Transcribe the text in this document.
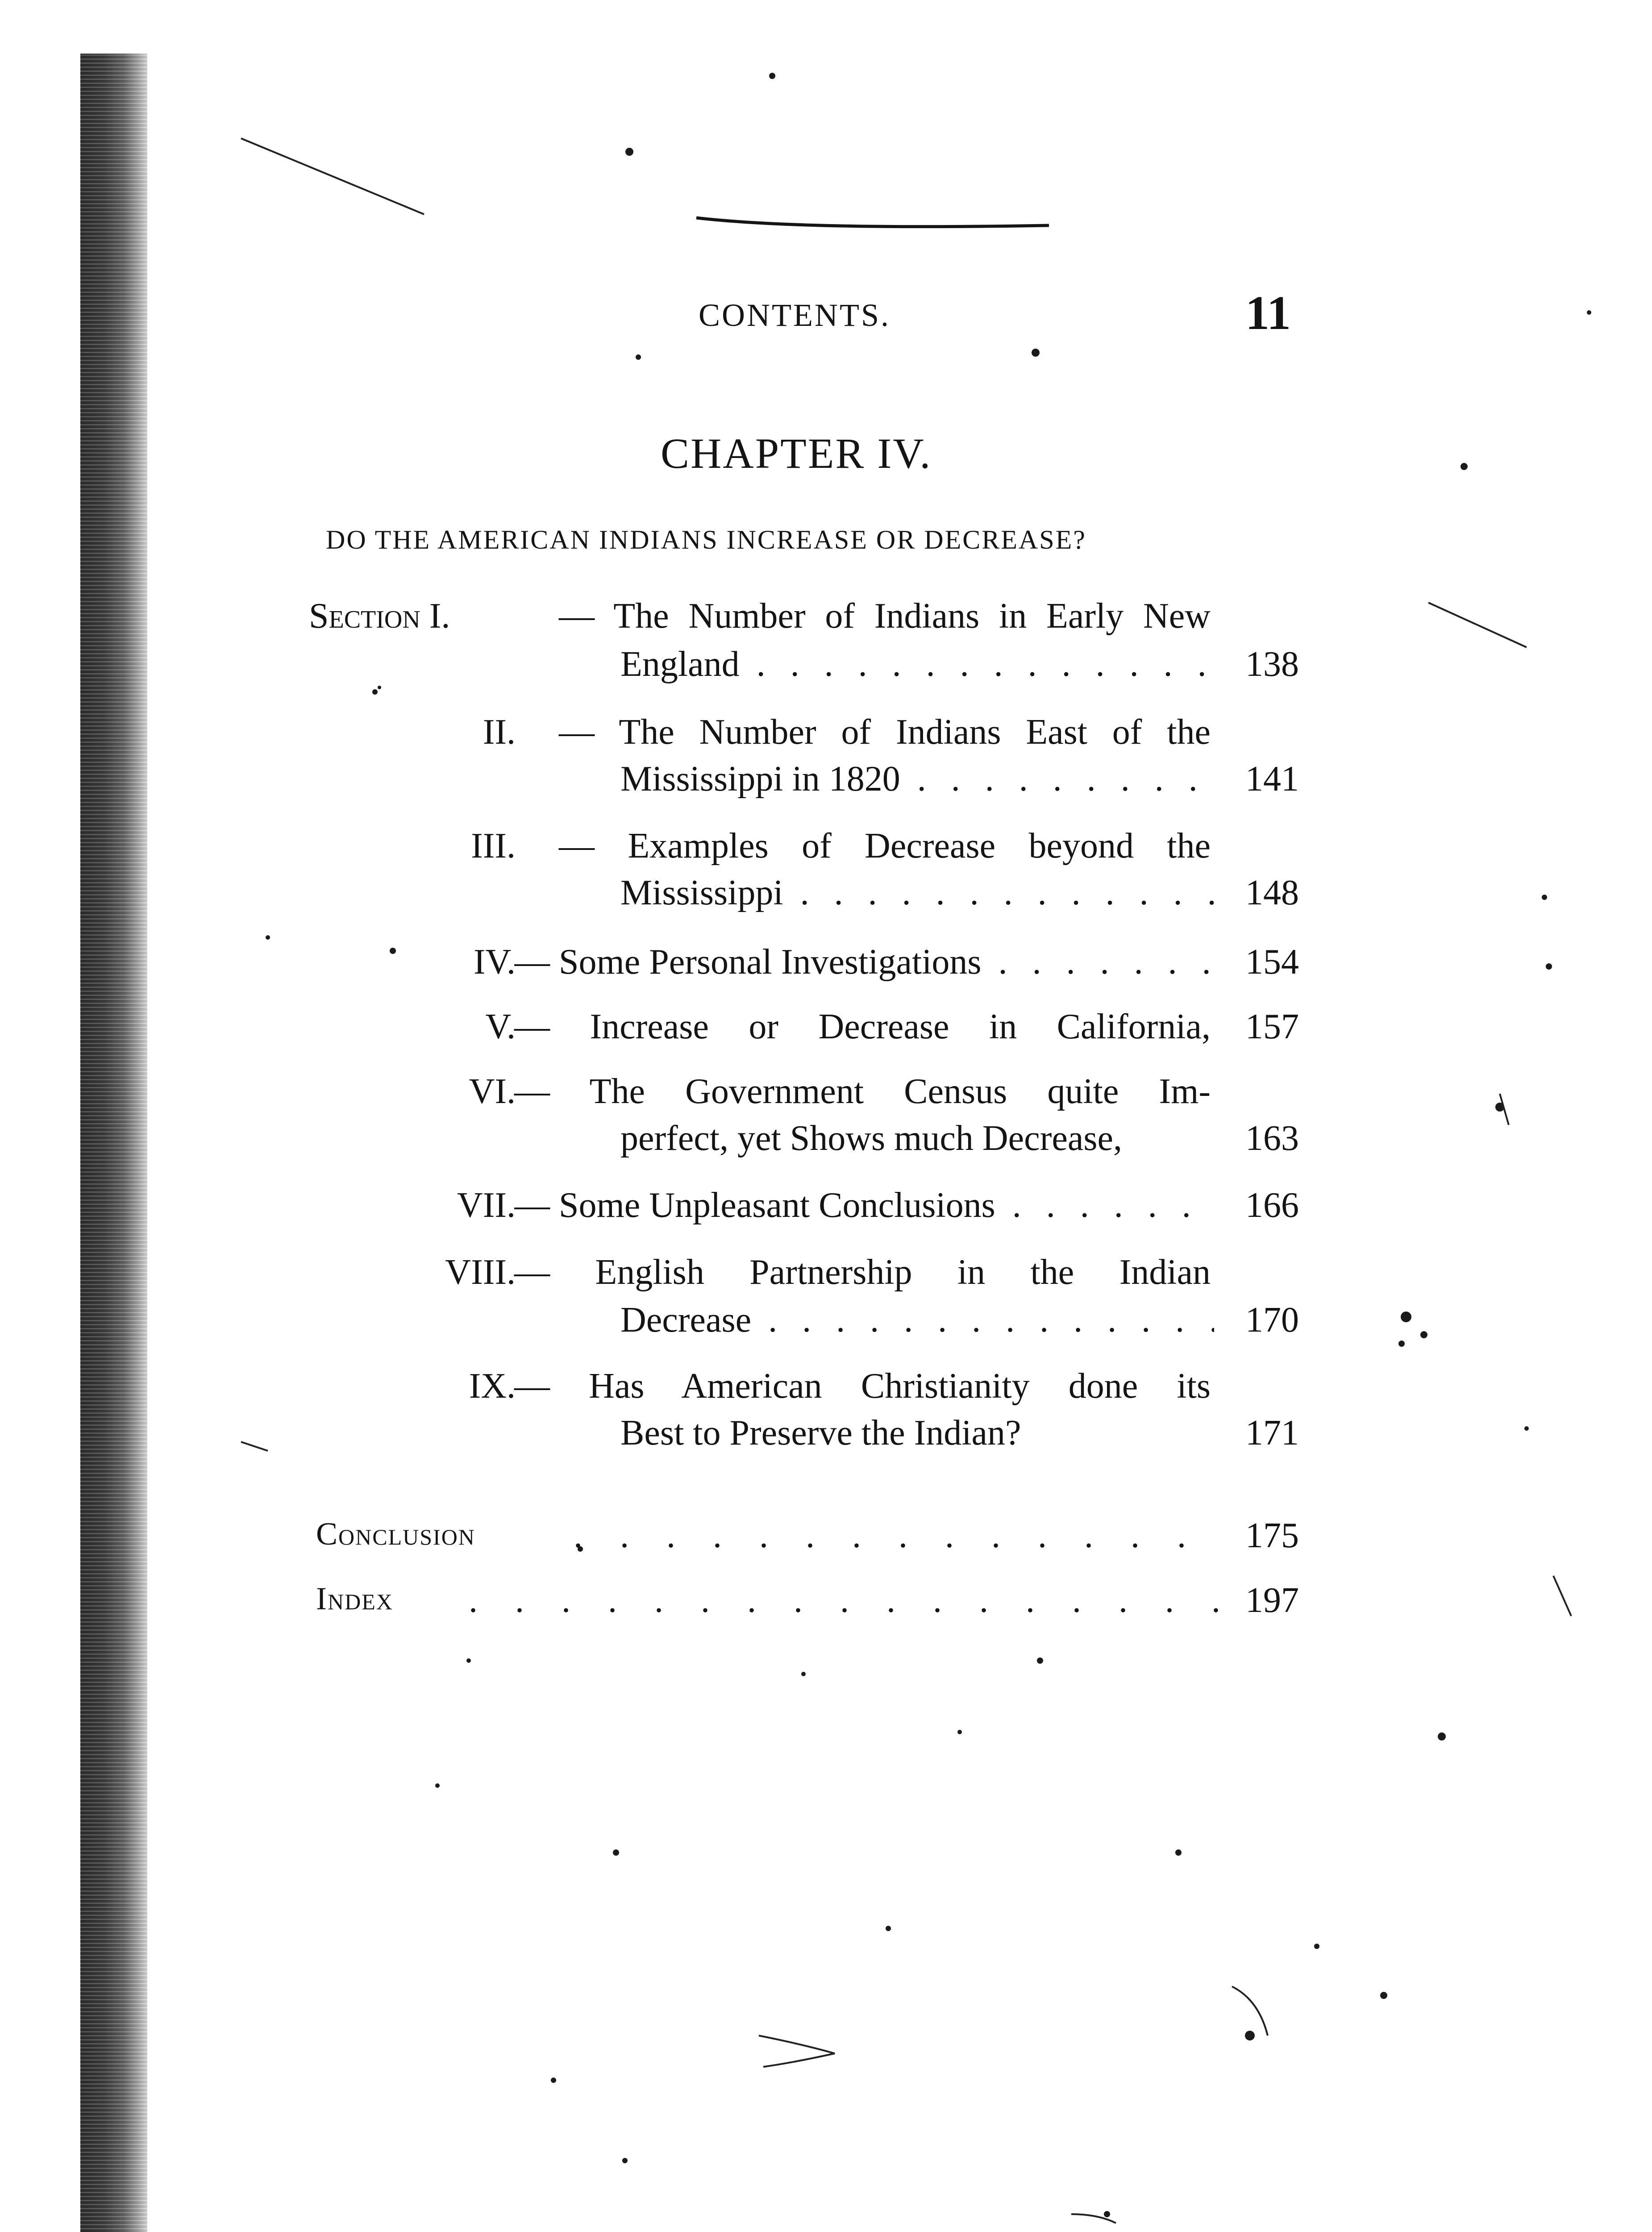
CONTENTS.	11
CHAPTER IV.
DO THE AMERICAN INDIANS INCREASE OR DECREASE?
Section I.	— The Number of Indians in Early New
England . . .	138
II. — The Number of Indians East of the
Mississippi in 1820 . . .	141
III. — Examples of Decrease beyond the
Mississippi . . .	148
IV.
— Some Personal Investigations . . .	154
V.
— Increase or Decrease in California, 157
VI.
— The Government Census quite Im-
perfect, yet Shows much Decrease,	163
VII.
— Some Unpleasant Conclusions . . .	166
VIII.
— English Partnership in the Indian
Decrease . . .	170
IX.
— Has American Christianity done its
Best to Preserve the Indian?	171
Conclusion . . .	175
Index . . .	197
